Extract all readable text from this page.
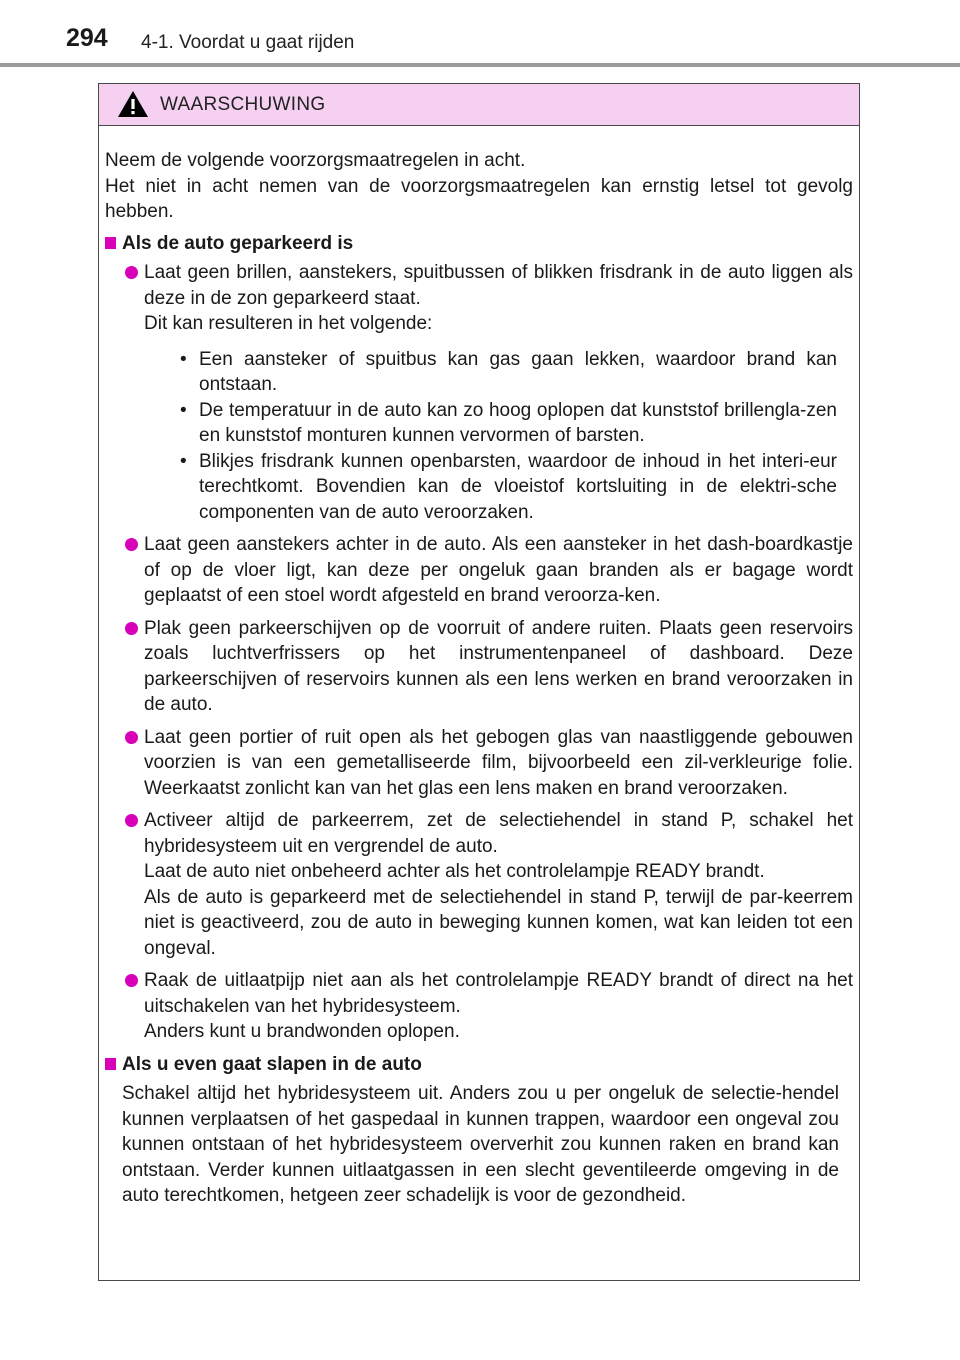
294 4-1. Voordat u gaat rijden
WAARSCHUWING

Neem de volgende voorzorgsmaatregelen in acht.

Het niet in acht nemen van de voorzorgsmaatregelen kan ernstig letsel tot gevolg hebben.

Als de auto geparkeerd is

Laat geen brillen, aanstekers, spuitbussen of blikken frisdrank in de auto liggen als deze in de zon geparkeerd staat.

Dit kan resulteren in het volgende:

• Een aansteker of spuitbus kan gas gaan lekken, waardoor brand kan ontstaan.
• De temperatuur in de auto kan zo hoog oplopen dat kunststof brillengla-zen en kunststof monturen kunnen vervormen of barsten.
• Blikjes frisdrank kunnen openbarsten, waardoor de inhoud in het interi-eur terechtkomt. Bovendien kan de vloeistof kortsluiting in de elektri-sche componenten van de auto veroorzaken.

Laat geen aanstekers achter in de auto. Als een aansteker in het dash-boardkastje of op de vloer ligt, kan deze per ongeluk gaan branden als er bagage wordt geplaatst of een stoel wordt afgesteld en brand veroorza-ken.

Plak geen parkeerschijven op de voorruit of andere ruiten. Plaats geen reservoirs zoals luchtverfrissers op het instrumentenpaneel of dashboard. Deze parkeerschijven of reservoirs kunnen als een lens werken en brand veroorzaken in de auto.

Laat geen portier of ruit open als het gebogen glas van naastliggende gebouwen voorzien is van een gemetalliseerde film, bijvoorbeeld een zil-verkleurige folie. Weerkaatst zonlicht kan van het glas een lens maken en brand veroorzaken.

Activeer altijd de parkeerrem, zet de selectiehendel in stand P, schakel het hybridesysteem uit en vergrendel de auto.

Laat de auto niet onbeheerd achter als het controlelampje READY brandt.

Als de auto is geparkeerd met de selectiehendel in stand P, terwijl de par-keerrem niet is geactiveerd, zou de auto in beweging kunnen komen, wat kan leiden tot een ongeval.

Raak de uitlaatpijp niet aan als het controlelampje READY brandt of direct na het uitschakelen van het hybridesysteem.

Anders kunt u brandwonden oplopen.

Als u even gaat slapen in de auto

Schakel altijd het hybridesysteem uit. Anders zou u per ongeluk de selectie-hendel kunnen verplaatsen of het gaspedaal in kunnen trappen, waardoor een ongeval zou kunnen ontstaan of het hybridesysteem oververhit zou kunnen raken en brand kan ontstaan. Verder kunnen uitlaatgassen in een slecht geventileerde omgeving in de auto terechtkomen, hetgeen zeer schadelijk is voor de gezondheid.
